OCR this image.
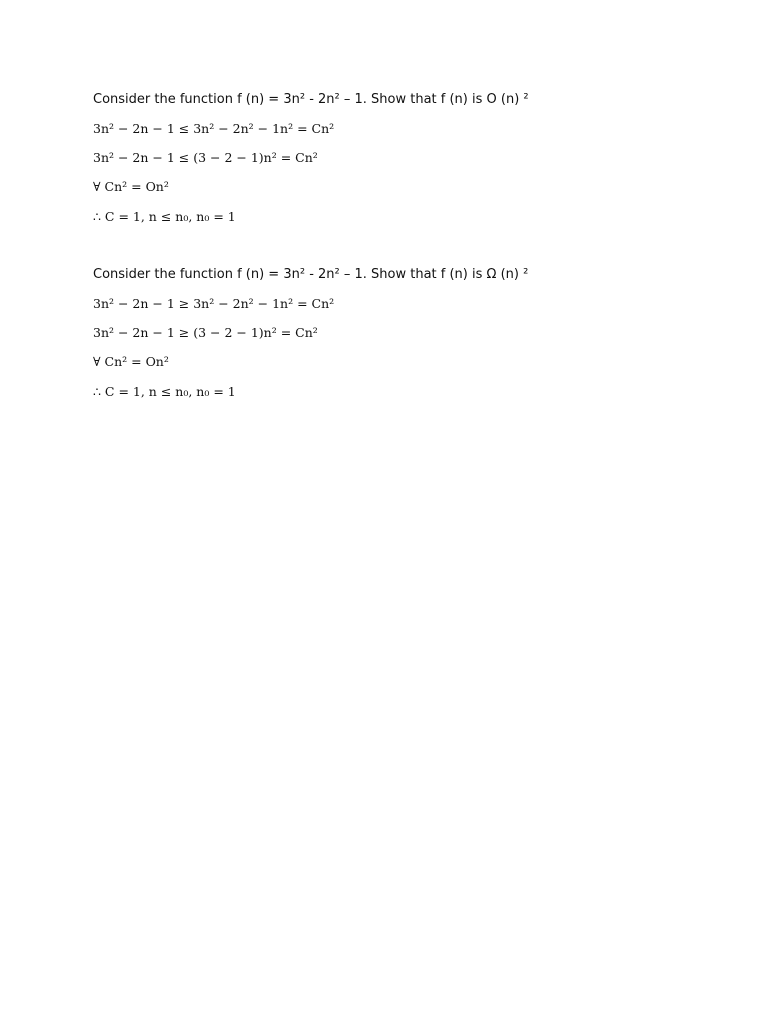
Consider the function f (n) = 3n² - 2n² – 1. Show that f (n) is O (n) ²
3n² − 2n − 1 ≤ 3n² − 2n² − 1n² = Cn²
3n² − 2n − 1 ≤ (3 − 2 − 1)n² = Cn²
∀ Cn² = On²
∴ C = 1, n ≤ n₀, n₀ = 1
Consider the function f (n) = 3n² - 2n² – 1. Show that f (n) is Ω (n) ²
3n² − 2n − 1 ≥ 3n² − 2n² − 1n² = Cn²
3n² − 2n − 1 ≥ (3 − 2 − 1)n² = Cn²
∀ Cn² = On²
∴ C = 1, n ≤ n₀, n₀ = 1
